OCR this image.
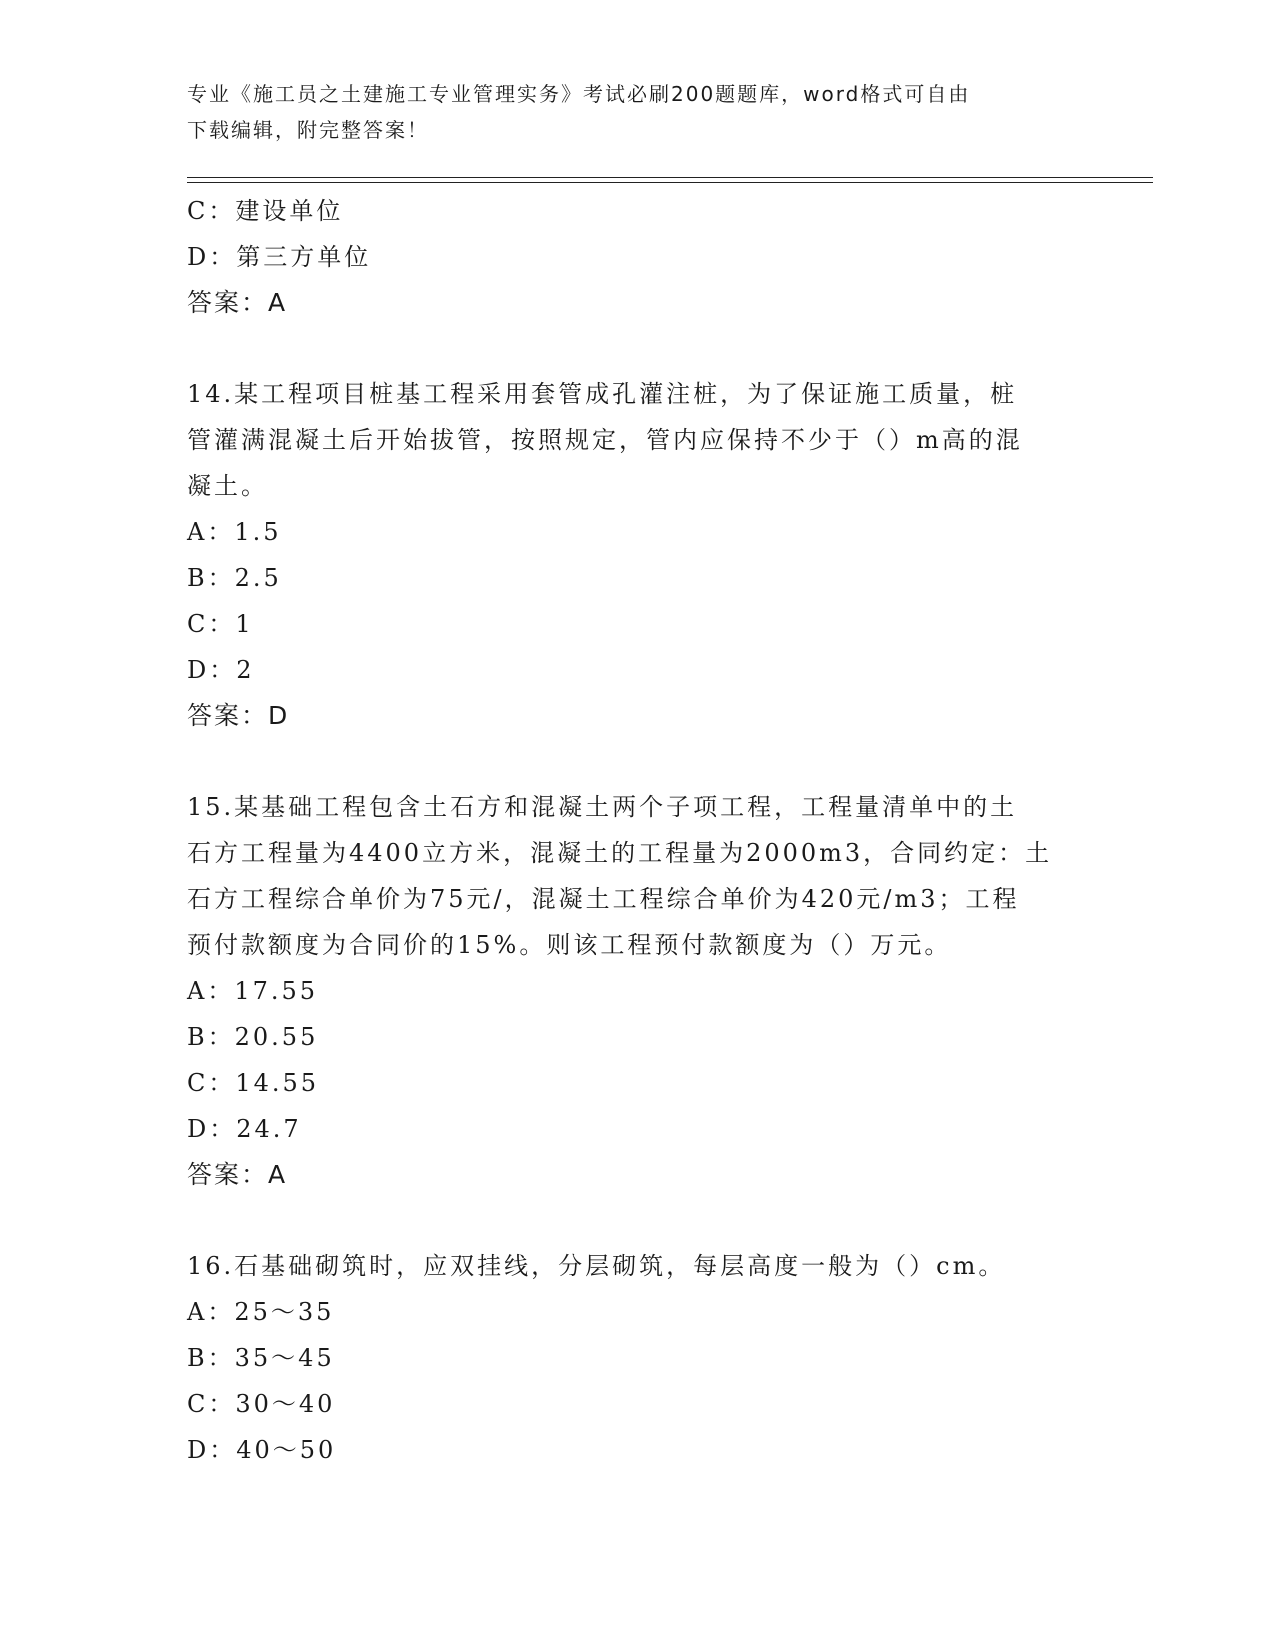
专业《施工员之土建施工专业管理实务》考试必刷200题题库，word格式可自由
下载编辑，附完整答案！
C：建设单位
D：第三方单位
答案：A
14.某工程项目桩基工程采用套管成孔灌注桩，为了保证施工质量，桩
管灌满混凝土后开始拔管，按照规定，管内应保持不少于（）m高的混
凝土。
A：1.5
B：2.5
C：1
D：2
答案：D
15.某基础工程包含土石方和混凝土两个子项工程，工程量清单中的土
石方工程量为4400立方米，混凝土的工程量为2000m3，合同约定：土
石方工程综合单价为75元/，混凝土工程综合单价为420元/m3；工程
预付款额度为合同价的15%。则该工程预付款额度为（）万元。
A：17.55
B：20.55
C：14.55
D：24.7
答案：A
16.石基础砌筑时，应双挂线，分层砌筑，每层高度一般为（）cm。
A：25～35
B：35～45
C：30～40
D：40～50
